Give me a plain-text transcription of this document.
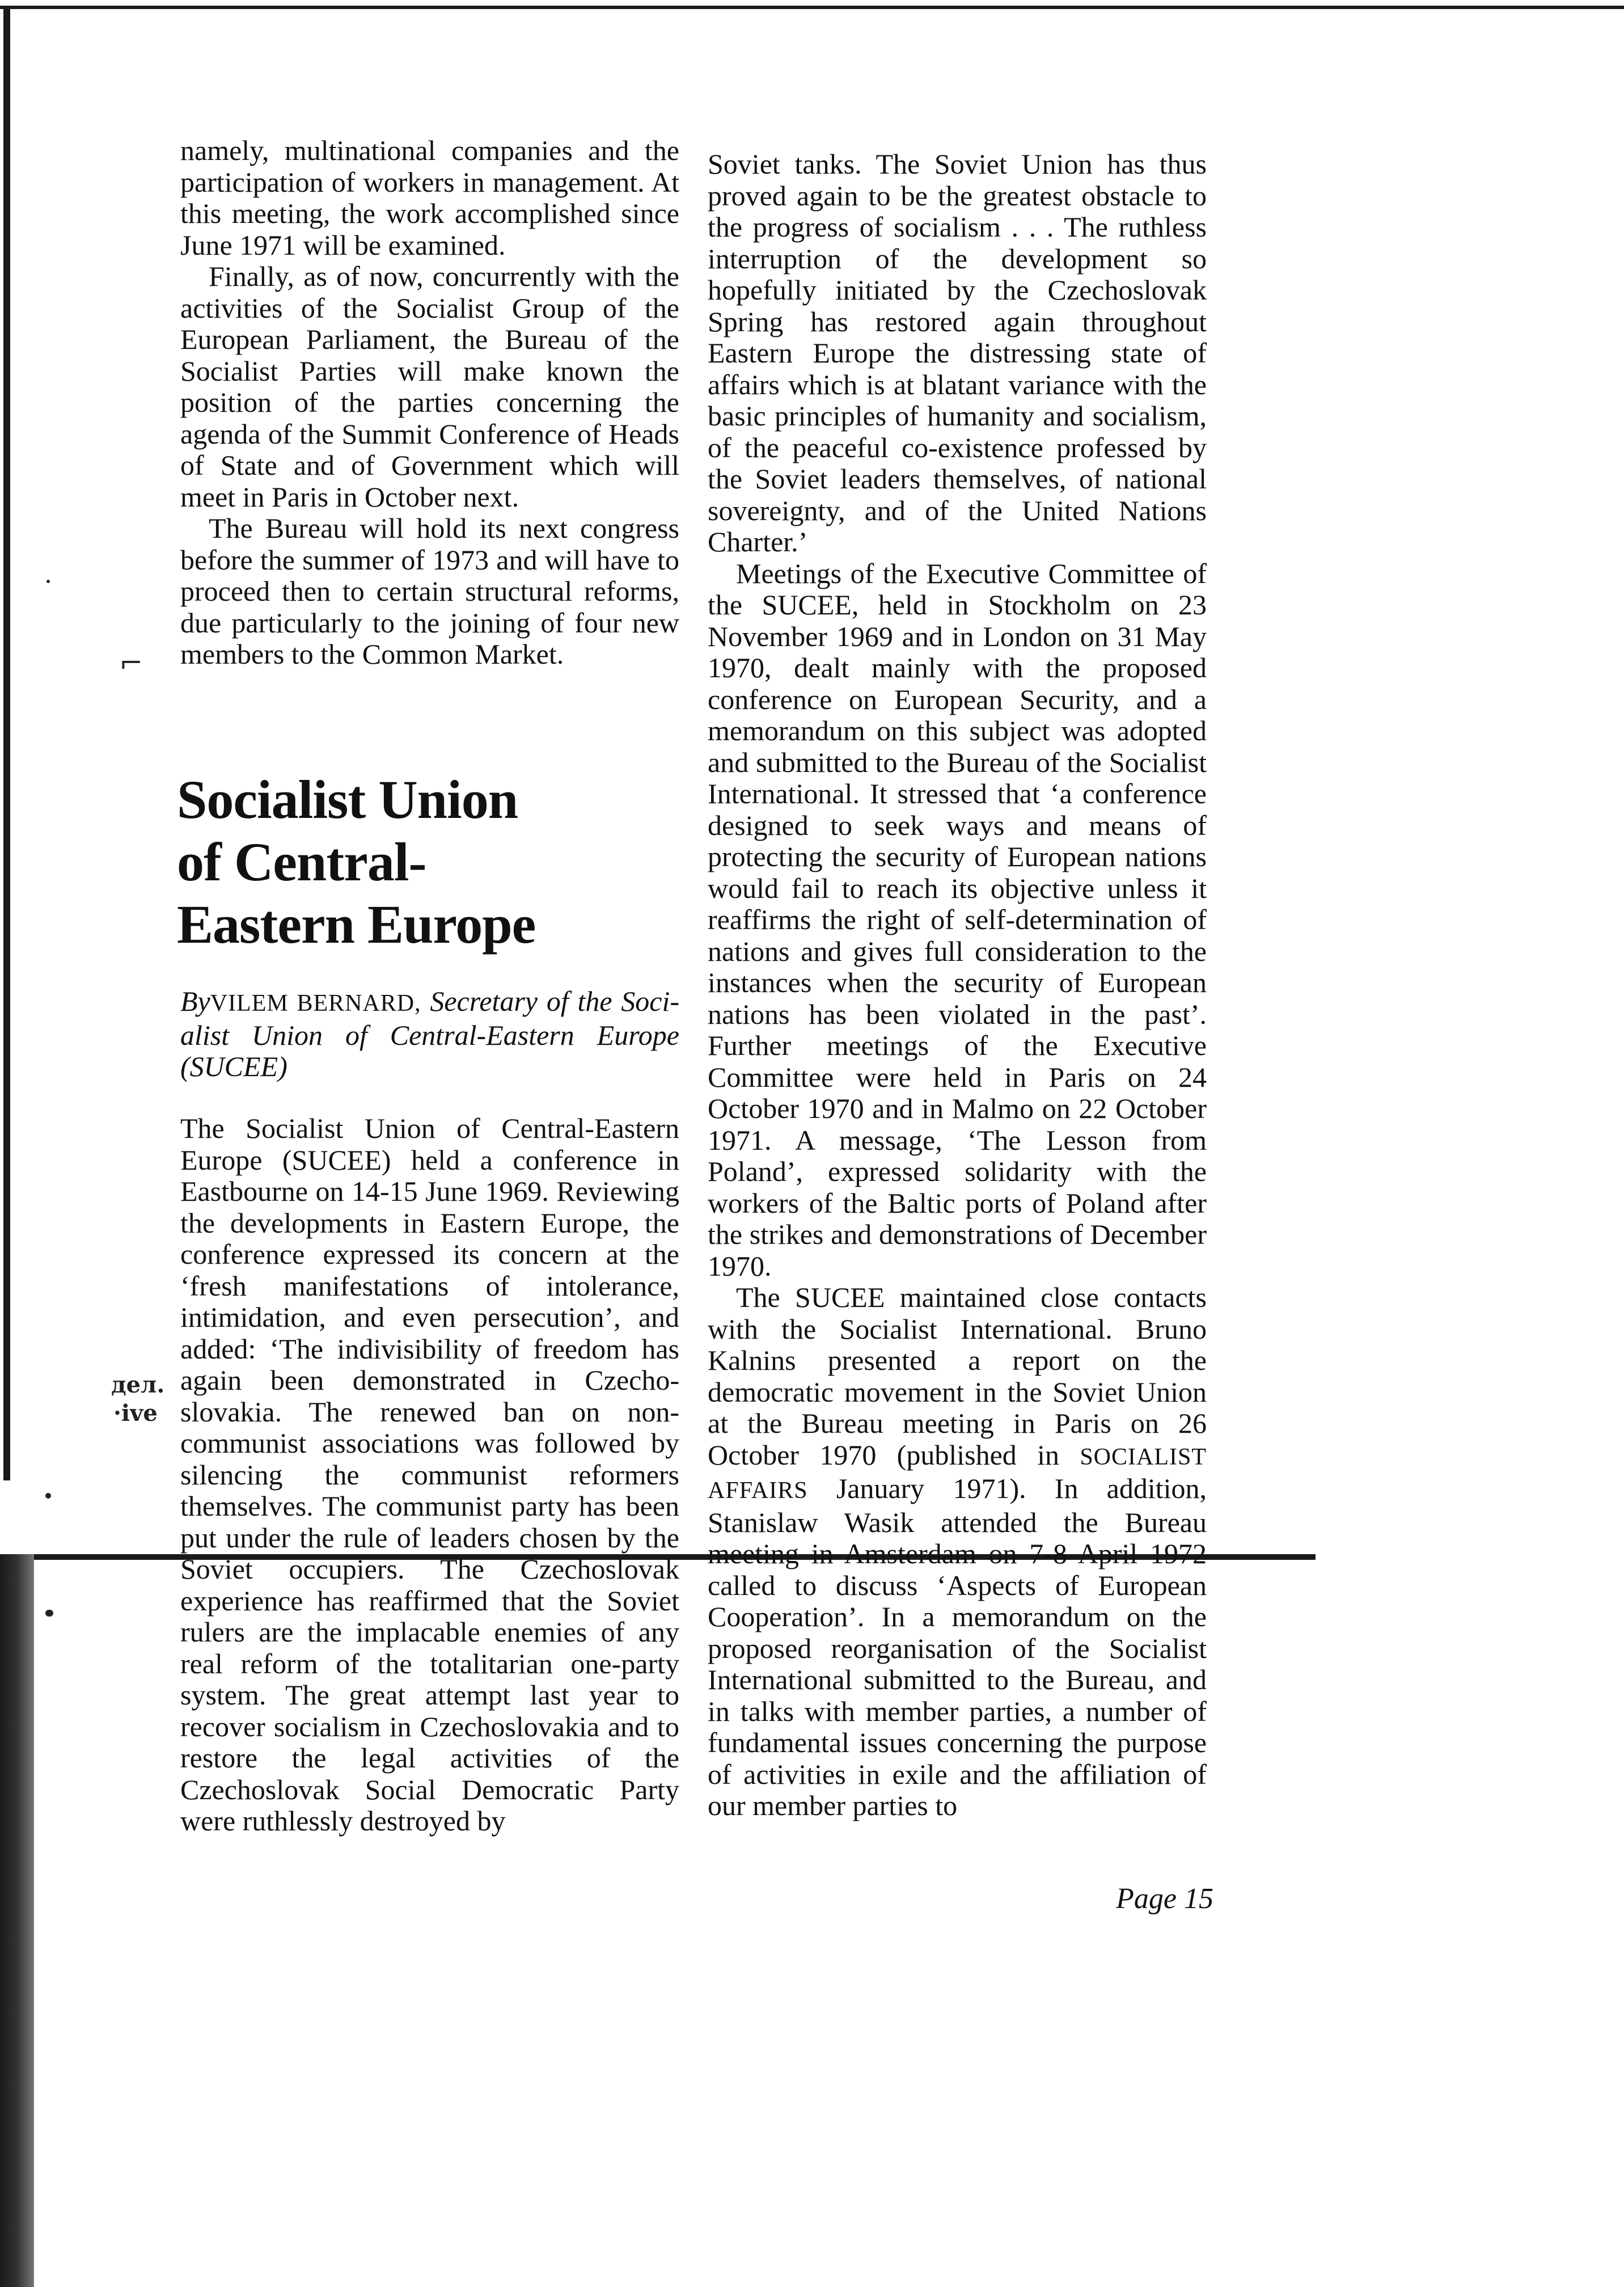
namely, multinational companies and the participation of workers in management. At this meeting, the work accomplished since June 1971 will be examined.

Finally, as of now, concurrently with the activities of the Socialist Group of the European Parliament, the Bureau of the Socialist Parties will make known the position of the parties concerning the agenda of the Summit Conference of Heads of State and of Government which will meet in Paris in October next.

The Bureau will hold its next congress before the summer of 1973 and will have to proceed then to certain structural reforms, due particularly to the joining of four new members to the Common Market.

Socialist Union
of Central-
Eastern Europe

ByVILEM BERNARD, Secretary of the Socialist Union of Central-Eastern Europe (SUCEE)

The Socialist Union of Central-Eastern Europe (SUCEE) held a conference in Eastbourne on 14-15 June 1969. Reviewing the developments in Eastern Europe, the conference expressed its concern at the ‘fresh manifestations of intolerance, intimidation, and even persecution’, and added: ‘The indivisibility of freedom has again been demonstrated in Czechoslovakia. The renewed ban on non-communist associations was followed by silencing the communist reformers themselves. The communist party has been put under the rule of leaders chosen by the Soviet occupiers. The Czechoslovak experience has reaffirmed that the Soviet rulers are the implacable enemies of any real reform of the totalitarian one-party system. The great attempt last year to recover socialism in Czechoslovakia and to restore the legal activities of the Czechoslovak Social Democratic Party were ruthlessly destroyed by

Soviet tanks. The Soviet Union has thus proved again to be the greatest obstacle to the progress of socialism . . . The ruthless interruption of the development so hopefully initiated by the Czechoslovak Spring has restored again throughout Eastern Europe the distressing state of affairs which is at blatant variance with the basic principles of humanity and socialism, of the peaceful co-existence professed by the Soviet leaders themselves, of national sovereignty, and of the United Nations Charter.’

Meetings of the Executive Committee of the SUCEE, held in Stockholm on 23 November 1969 and in London on 31 May 1970, dealt mainly with the proposed conference on European Security, and a memorandum on this subject was adopted and submitted to the Bureau of the Socialist International. It stressed that ‘a conference designed to seek ways and means of protecting the security of European nations would fail to reach its objective unless it reaffirms the right of self-determination of nations and gives full consideration to the instances when the security of European nations has been violated in the past’. Further meetings of the Executive Committee were held in Paris on 24 October 1970 and in Malmo on 22 October 1971. A message, ‘The Lesson from Poland’, expressed solidarity with the workers of the Baltic ports of Poland after the strikes and demonstrations of December 1970.

The SUCEE maintained close contacts with the Socialist International. Bruno Kalnins presented a report on the democratic movement in the Soviet Union at the Bureau meeting in Paris on 26 October 1970 (published in SOCIALIST AFFAIRS January 1971). In addition, Stanislaw Wasik attended the Bureau meeting in Amsterdam on 7-8 April 1972 called to discuss ‘Aspects of European Cooperation’. In a memorandum on the proposed reorganisation of the Socialist International submitted to the Bureau, and in talks with member parties, a number of fundamental issues concerning the purpose of activities in exile and the affiliation of our member parties to

дeл.
·ive
⌐

Page 15
